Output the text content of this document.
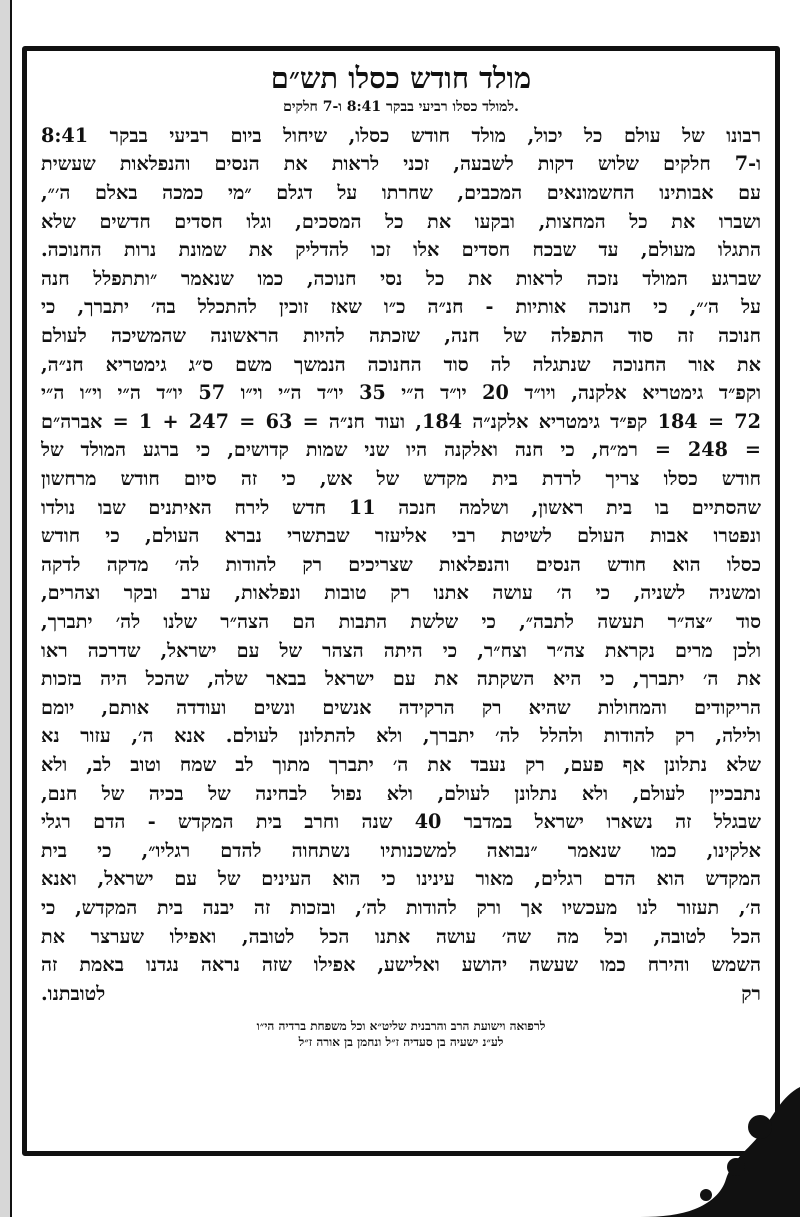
מולד חודש כסלו תש״ם
למולד כסלו רביעי בבקר 8:41 ו-7 חלקים.
רבונו של עולם כל יכול, מולד חודש כסלו, שיחול ביום רביעי בבקר 8:41
ו-7 חלקים שלוש דקות לשבעה, זכני לראות את הנסים והנפלאות שעשית
עם אבותינו החשמונאים המכבים, שחרתו על דגלם ״מי כמכה באלם ה׳״,
ושברו את כל המחצות, ובקעו את כל המסכים, וגלו חסדים חדשים שלא
התגלו מעולם, עד שבכח חסדים אלו זכו להדליק את שמונת נרות החנוכה.
שברגע המולד נזכה לראות את כל נסי חנוכה, כמו שנאמר ״ותתפלל חנה
על ה׳״, כי חנוכה אותיות - חנ״ה כ״ו שאז זוכין להתכלל בה׳ יתברך, כי
חנוכה זה סוד התפלה של חנה, שזכתה להיות הראשונה שהמשיכה לעולם
את אור החנוכה שנתגלה לה סוד החנוכה הנמשך משם ס״ג גימטריא חנ״ה,
וקפ״ד גימטריא אלקנה, ויו״ד 20 יו״ד ה״י 35 יו״ד ה״י וי״ו 57 יו״ד ה״י וי״ו ה״י
72 = 184 קפ״ד גימטריא אלקנ״ה 184, ועוד חנ״ה = 63 = 247 + 1 = אברה״ם
= 248 = רמ״ח, כי חנה ואלקנה היו שני שמות קדושים, כי ברגע המולד של
חודש כסלו צריך לרדת בית מקדש של אש, כי זה סיום חודש מרחשון
שהסתיים בו בית ראשון, ושלמה חנכה 11 חדש לירח האיתנים שבו נולדו
ונפטרו אבות העולם לשיטת רבי אליעזר שבתשרי נברא העולם, כי חודש
כסלו הוא חודש הנסים והנפלאות שצריכים רק להודות לה׳ מדקה לדקה
ומשניה לשניה, כי ה׳ עושה אתנו רק טובות ונפלאות, ערב ובקר וצהרים,
סוד ״צה״ר תעשה לתבה״, כי שלשת התבות הם הצה״ר שלנו לה׳ יתברך,
ולכן מרים נקראת צה״ר וצח״ר, כי היתה הצהר של עם ישראל, שדרכה ראו
את ה׳ יתברך, כי היא השקתה את עם ישראל בבאר שלה, שהכל היה בזכות
הריקודים והמחולות שהיא רק הרקידה אנשים ונשים ועודדה אותם, יומם
ולילה, רק להודות ולהלל לה׳ יתברך, ולא להתלונן לעולם. אנא ה׳, עזור נא
שלא נתלונן אף פעם, רק נעבד את ה׳ יתברך מתוך לב שמח וטוב לב, ולא
נתבכיין לעולם, ולא נתלונן לעולם, ולא נפול לבחינה של בכיה של חנם,
שבגלל זה נשארו ישראל במדבר 40 שנה וחרב בית המקדש - הדם רגלי
אלקינו, כמו שנאמר ״נבואה למשכנותיו נשתחוה להדם רגליו״, כי בית
המקדש הוא הדם רגלים, מאור עינינו כי הוא העינים של עם ישראל, ואנא
ה׳, תעזור לנו מעכשיו אך ורק להודות לה׳, ובזכות זה יבנה בית המקדש, כי
הכל לטובה, וכל מה שה׳ עושה אתנו הכל לטובה, ואפילו שערצר את
השמש והירח כמו שעשה יהושע ואלישע, אפילו שזה נראה נגדנו באמת זה
רק לטובתנו.
לרפואה וישועת הרב והרבנית שליט״א וכל משפחת ברדיה הי״ו
לע״נ ישעיה בן סעדיה ז״ל ונחמן בן אורה ז״ל
